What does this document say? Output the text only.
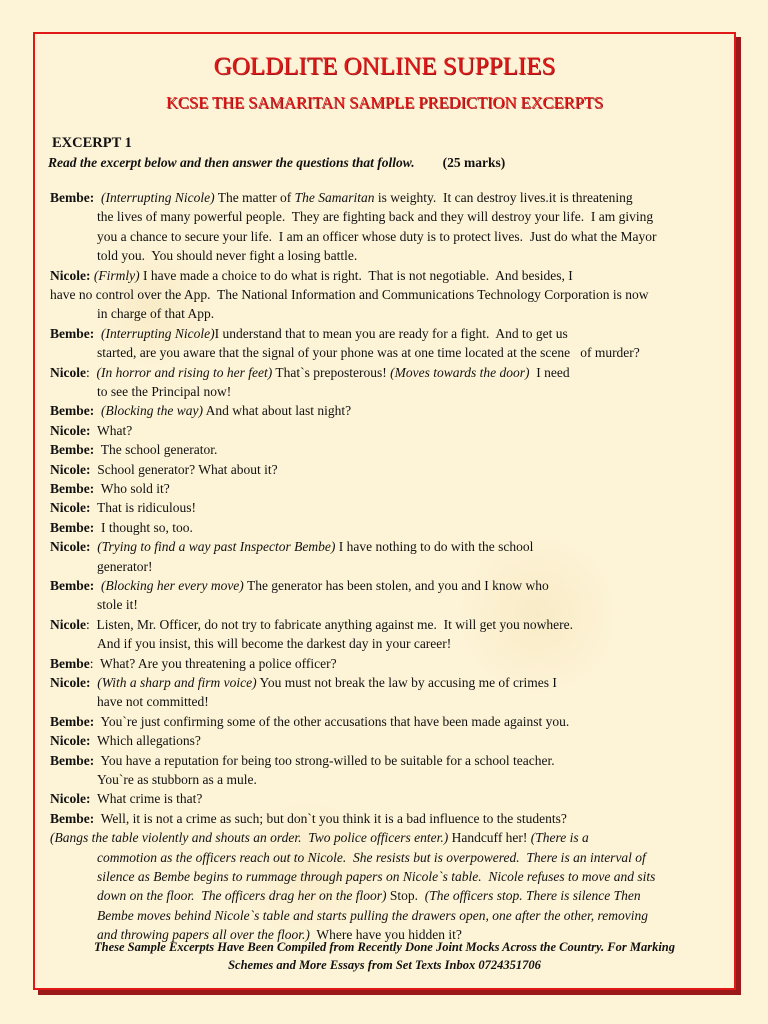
GOLDLITE ONLINE SUPPLIES
KCSE THE SAMARITAN SAMPLE PREDICTION EXCERPTS
EXCERPT 1
Read the excerpt below and then answer the questions that follow. (25 marks)
Bembe: (Interrupting Nicole) The matter of The Samaritan is weighty.  It can destroy lives.it is threatening
the lives of many powerful people.  They are fighting back and they will destroy your life.  I am giving
you a chance to secure your life.  I am an officer whose duty is to protect lives.  Just do what the Mayor
told you.  You should never fight a losing battle.
Nicole: (Firmly) I have made a choice to do what is right.  That is not negotiable.  And besides, I
have no control over the App.  The National Information and Communications Technology Corporation is now
in charge of that App.
Bembe: (Interrupting Nicole)I understand that to mean you are ready for a fight.  And to get us
started, are you aware that the signal of your phone was at one time located at the scene   of murder?
Nicole:  (In horror and rising to her feet) That`s preposterous! (Moves towards the door)  I need
to see the Principal now!
Bembe: (Blocking the way) And what about last night?
Nicole:  What?
Bembe:  The school generator.
Nicole:  School generator? What about it?
Bembe:  Who sold it?
Nicole:  That is ridiculous!
Bembe:  I thought so, too.
Nicole: (Trying to find a way past Inspector Bembe) I have nothing to do with the school
generator!
Bembe: (Blocking her every move) The generator has been stolen, and you and I know who
stole it!
Nicole:  Listen, Mr. Officer, do not try to fabricate anything against me.  It will get you nowhere.
And if you insist, this will become the darkest day in your career!
Bembe:  What? Are you threatening a police officer?
Nicole: (With a sharp and firm voice) You must not break the law by accusing me of crimes I
have not committed!
Bembe:  You`re just confirming some of the other accusations that have been made against you.
Nicole:  Which allegations?
Bembe:  You have a reputation for being too strong-willed to be suitable for a school teacher.
You`re as stubborn as a mule.
Nicole:  What crime is that?
Bembe:  Well, it is not a crime as such; but don`t you think it is a bad influence to the students?
(Bangs the table violently and shouts an order.  Two police officers enter.) Handcuff her! (There is a
commotion as the officers reach out to Nicole.  She resists but is overpowered.  There is an interval of
silence as Bembe begins to rummage through papers on Nicole`s table.  Nicole refuses to move and sits
down on the floor.  The officers drag her on the floor) Stop.  (The officers stop. There is silence Then
Bembe moves behind Nicole`s table and starts pulling the drawers open, one after the other, removing
and throwing papers all over the floor.)  Where have you hidden it?
These Sample Excerpts Have Been Compiled from Recently Done Joint Mocks Across the Country. For Marking
Schemes and More Essays from Set Texts Inbox 0724351706
